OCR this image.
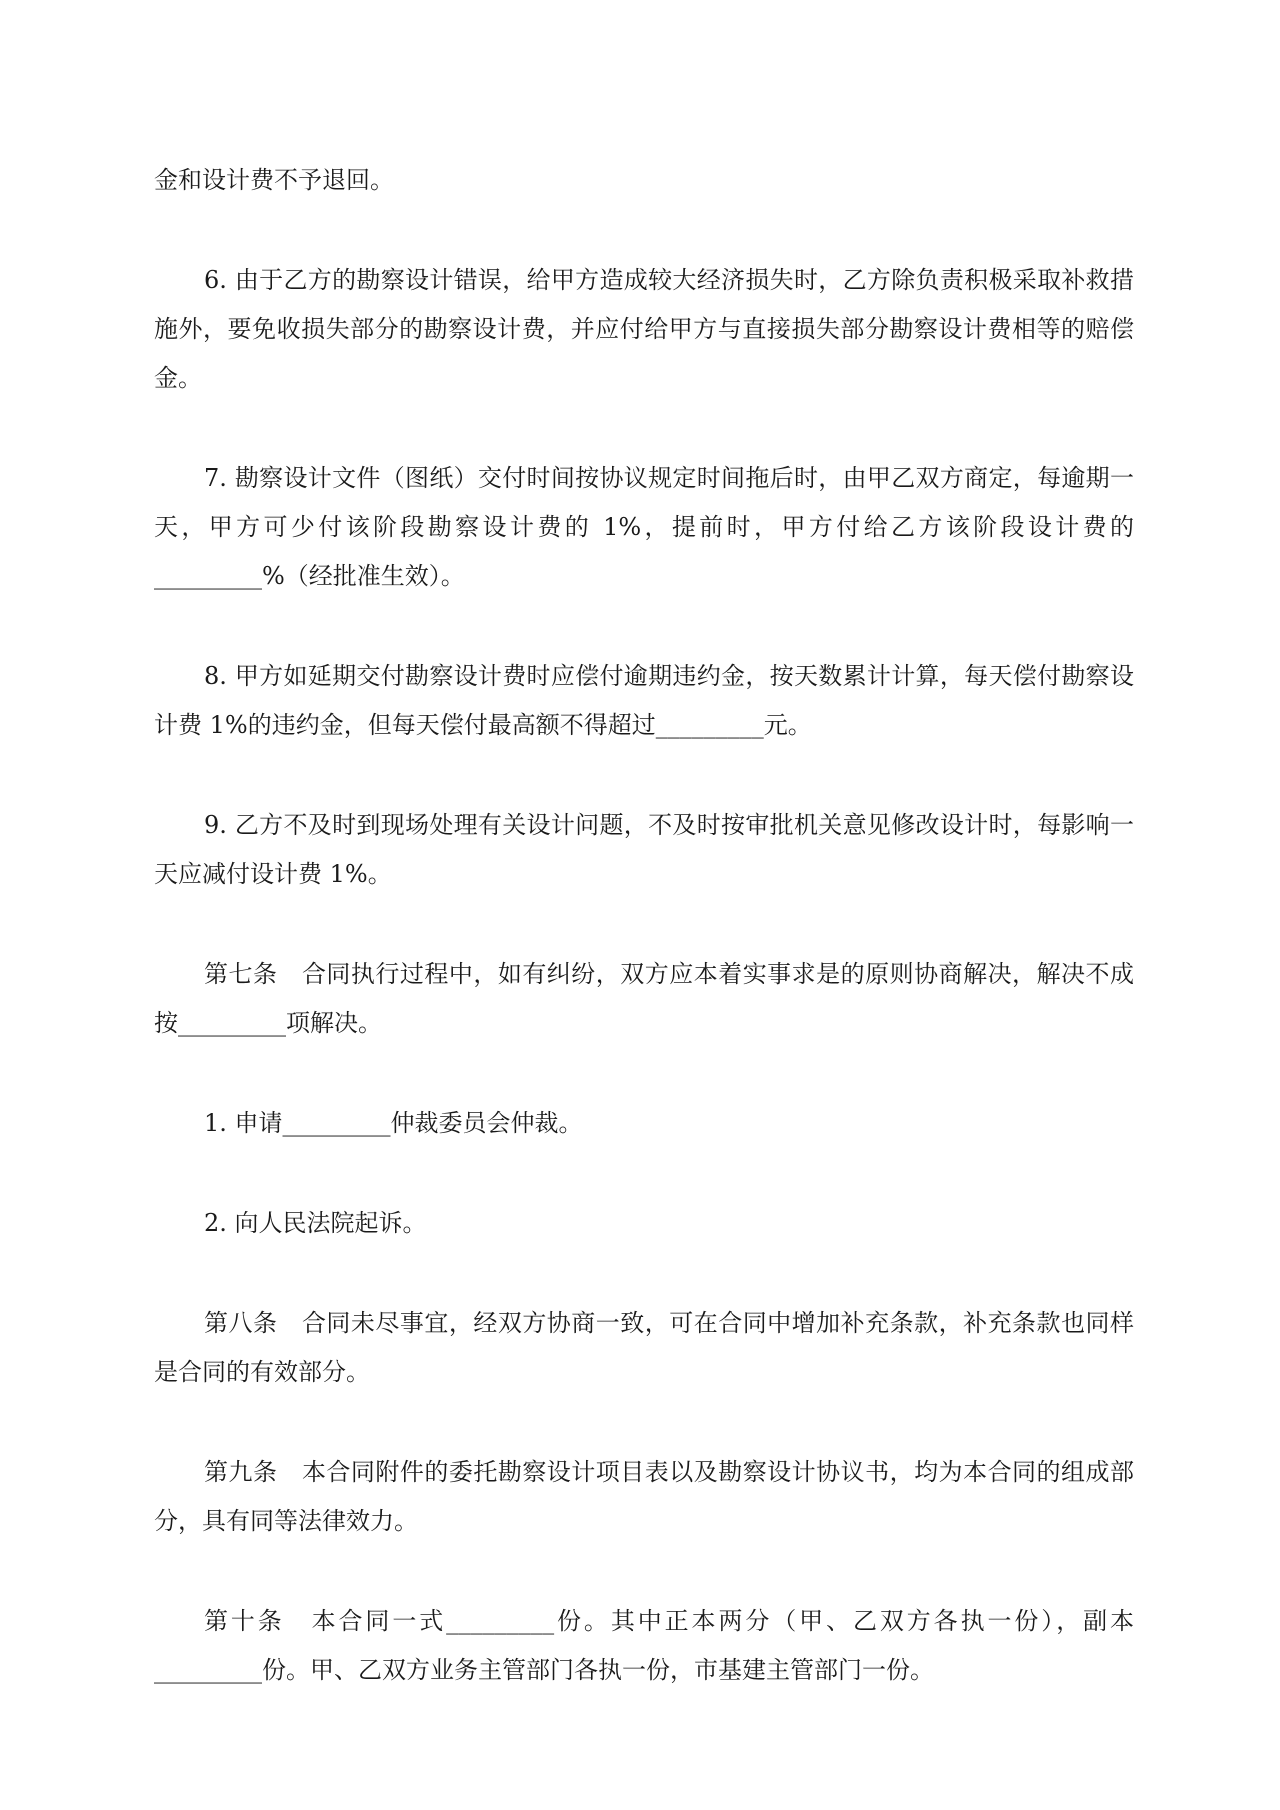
金和设计费不予退回。

6. 由于乙方的勘察设计错误，给甲方造成较大经济损失时，乙方除负责积极采取补救措施外，要免收损失部分的勘察设计费，并应付给甲方与直接损失部分勘察设计费相等的赔偿金。

7. 勘察设计文件（图纸）交付时间按协议规定时间拖后时，由甲乙双方商定，每逾期一天，甲方可少付该阶段勘察设计费的 1%，提前时，甲方付给乙方该阶段设计费的_________%（经批准生效）。

8. 甲方如延期交付勘察设计费时应偿付逾期违约金，按天数累计计算，每天偿付勘察设计费 1%的违约金，但每天偿付最高额不得超过_________元。

9. 乙方不及时到现场处理有关设计问题，不及时按审批机关意见修改设计时，每影响一天应减付设计费 1%。

第七条　合同执行过程中，如有纠纷，双方应本着实事求是的原则协商解决，解决不成按_________项解决。

1. 申请_________仲裁委员会仲裁。

2. 向人民法院起诉。

第八条　合同未尽事宜，经双方协商一致，可在合同中增加补充条款，补充条款也同样是合同的有效部分。

第九条　本合同附件的委托勘察设计项目表以及勘察设计协议书，均为本合同的组成部分，具有同等法律效力。

第十条　本合同一式_________份。其中正本两分（甲、乙双方各执一份），副本_________份。甲、乙双方业务主管部门各执一份，市基建主管部门一份。
